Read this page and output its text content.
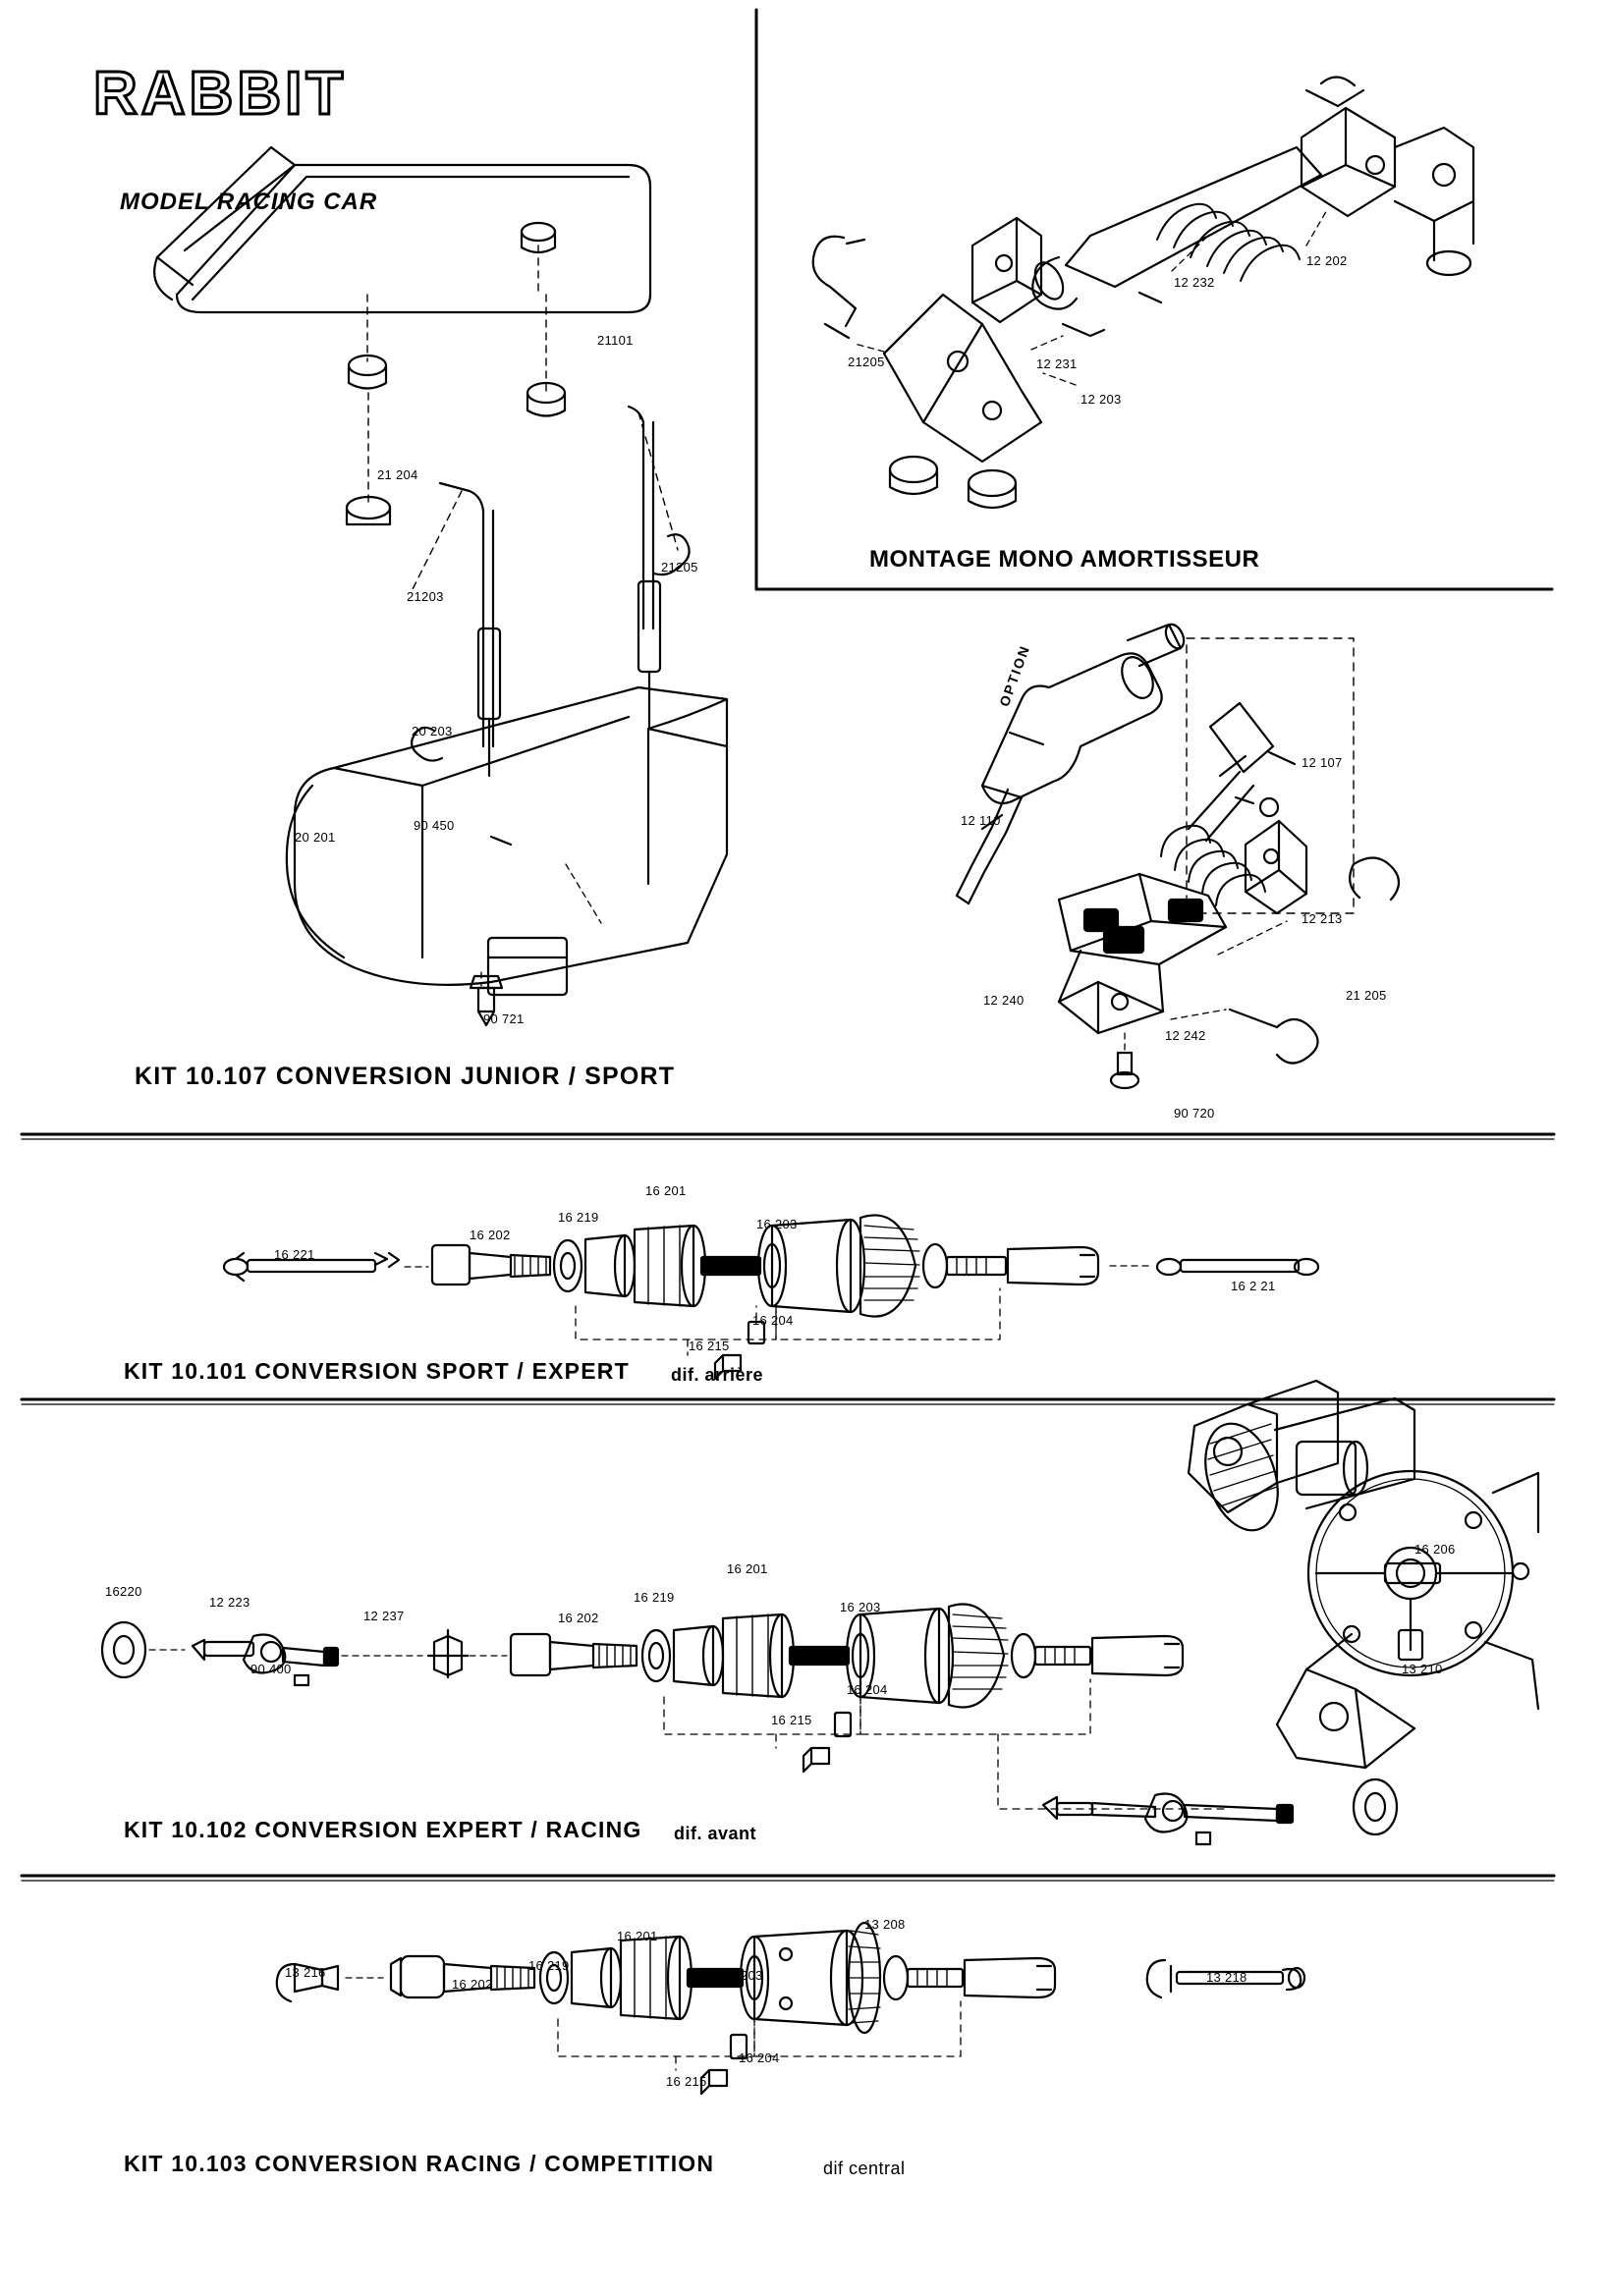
RABBIT
MODEL RACING CAR
KIT 10.107 CONVERSION JUNIOR / SPORT
MONTAGE MONO AMORTISSEUR
OPTION
KIT 10.101 CONVERSION SPORT / EXPERT dif. arrière
KIT 10.102 CONVERSION EXPERT / RACING dif. avant
KIT 10.103 CONVERSION RACING / COMPETITION	dif central
21101
21 204
21203
21205
20 203
20 201
90 450
90 721
12 232
12 202
21205	12 231
12 203
12 107
12 110
12 213
12 240	21 205
12 242
90 720
16 221
16 202
16 219
16 201
16 203
16 204
16 215
16 2 21
16220
12 223
12 237
90 400
16 202
16 219
16 201
16 203
16 204
16 215
16 206
13 210
13 216
16 202
16 219
16 201
16 203
13 208
16 204
16 215
13 218
